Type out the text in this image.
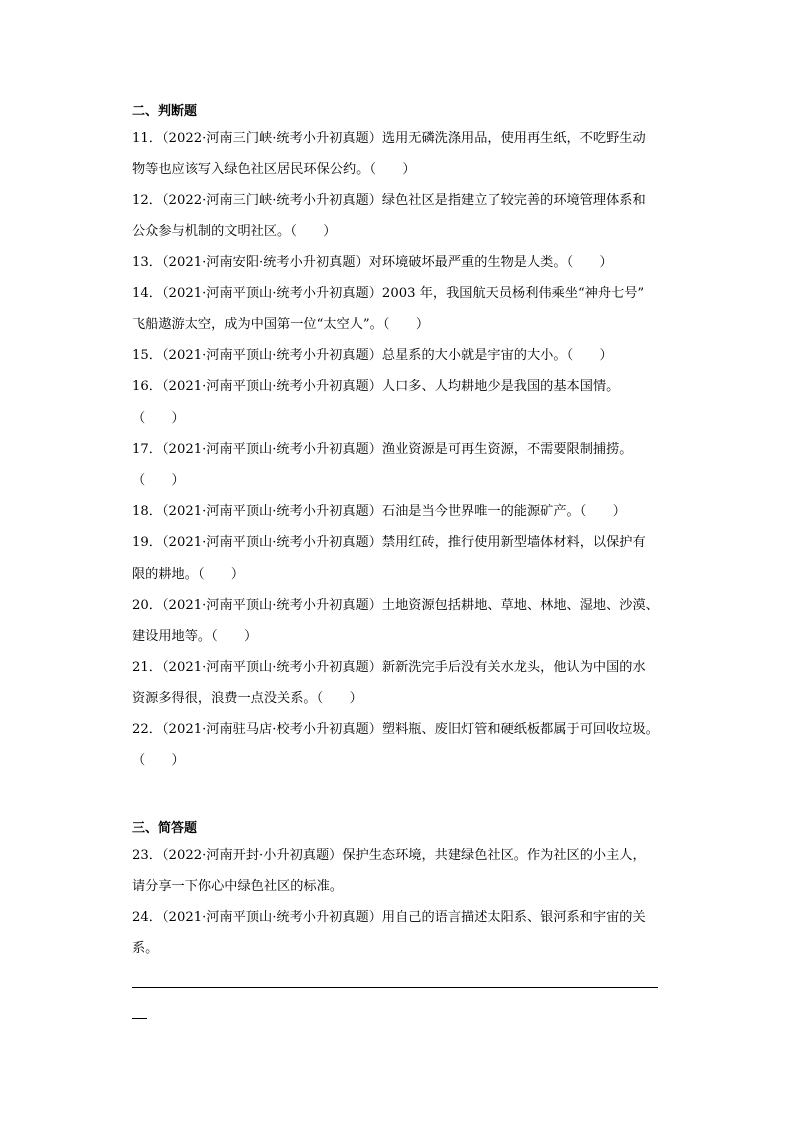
二、判断题
11．（2022·河南三门峡·统考小升初真题）选用无磷洗涤用品，使用再生纸，不吃野生动
物等也应该写入绿色社区居民环保公约。（　　）
12．（2022·河南三门峡·统考小升初真题）绿色社区是指建立了较完善的环境管理体系和
公众参与机制的文明社区。（　　）
13．（2021·河南安阳·统考小升初真题）对环境破坏最严重的生物是人类。（　　）
14．（2021·河南平顶山·统考小升初真题）2003 年，我国航天员杨利伟乘坐“神舟七号”
飞船遨游太空，成为中国第一位“太空人”。（　　）
15．（2021·河南平顶山·统考小升初真题）总星系的大小就是宇宙的大小。（　　）
16．（2021·河南平顶山·统考小升初真题）人口多、人均耕地少是我国的基本国情。
（　　）
17．（2021·河南平顶山·统考小升初真题）渔业资源是可再生资源，不需要限制捕捞。
（　　）
18．（2021·河南平顶山·统考小升初真题）石油是当今世界唯一的能源矿产。（　　）
19．（2021·河南平顶山·统考小升初真题）禁用红砖，推行使用新型墙体材料，以保护有
限的耕地。（　　）
20．（2021·河南平顶山·统考小升初真题）土地资源包括耕地、草地、林地、湿地、沙漠、
建设用地等。（　　）
21．（2021·河南平顶山·统考小升初真题）新新洗完手后没有关水龙头，他认为中国的水
资源多得很，浪费一点没关系。（　　）
22．（2021·河南驻马店·校考小升初真题）塑料瓶、废旧灯管和硬纸板都属于可回收垃圾。
（　　）
三、简答题
23．（2022·河南开封·小升初真题）保护生态环境，共建绿色社区。作为社区的小主人，
请分享一下你心中绿色社区的标准。
24．（2021·河南平顶山·统考小升初真题）用自己的语言描述太阳系、银河系和宇宙的关
系。
